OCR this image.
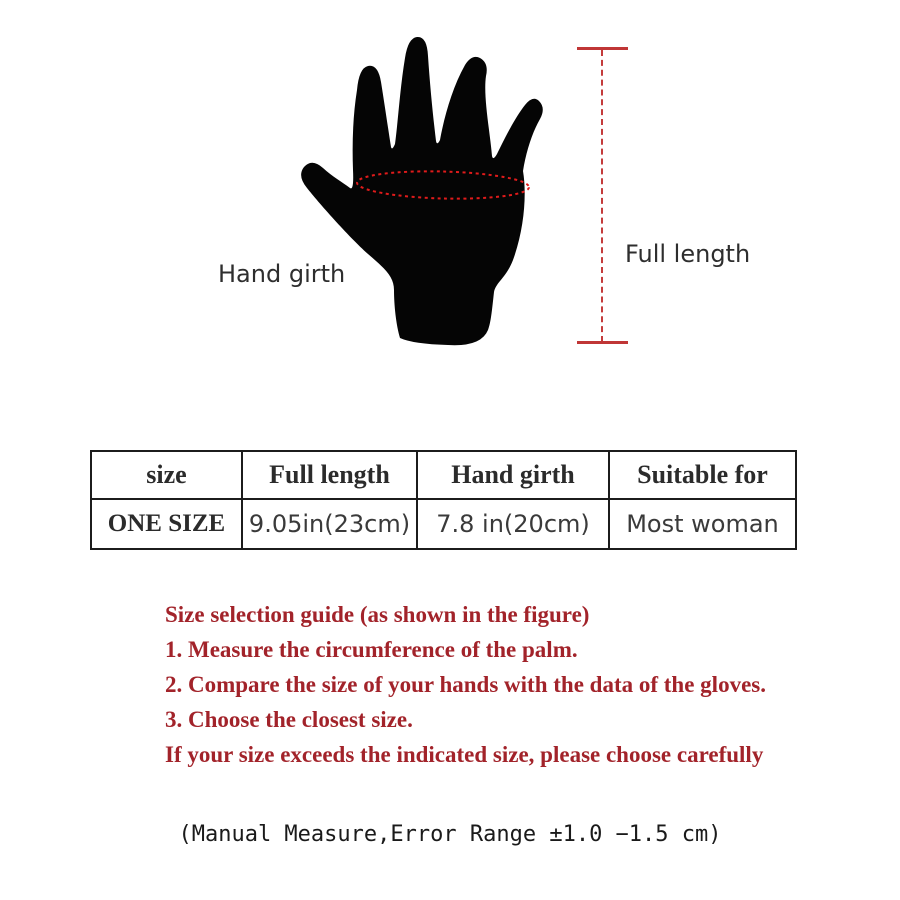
Hand girth
Full length
size	Full length	Hand girth	Suitable for
ONE SIZE	9.05in(23cm)	7.8 in(20cm)	Most woman
Size selection guide (as shown in the figure)
1. Measure the circumference of the palm.
2. Compare the size of your hands with the data of the gloves.
3. Choose the closest size.
If your size exceeds the indicated size, please choose carefully
(Manual Measure,Error Range ±1.0 −1.5 cm)
